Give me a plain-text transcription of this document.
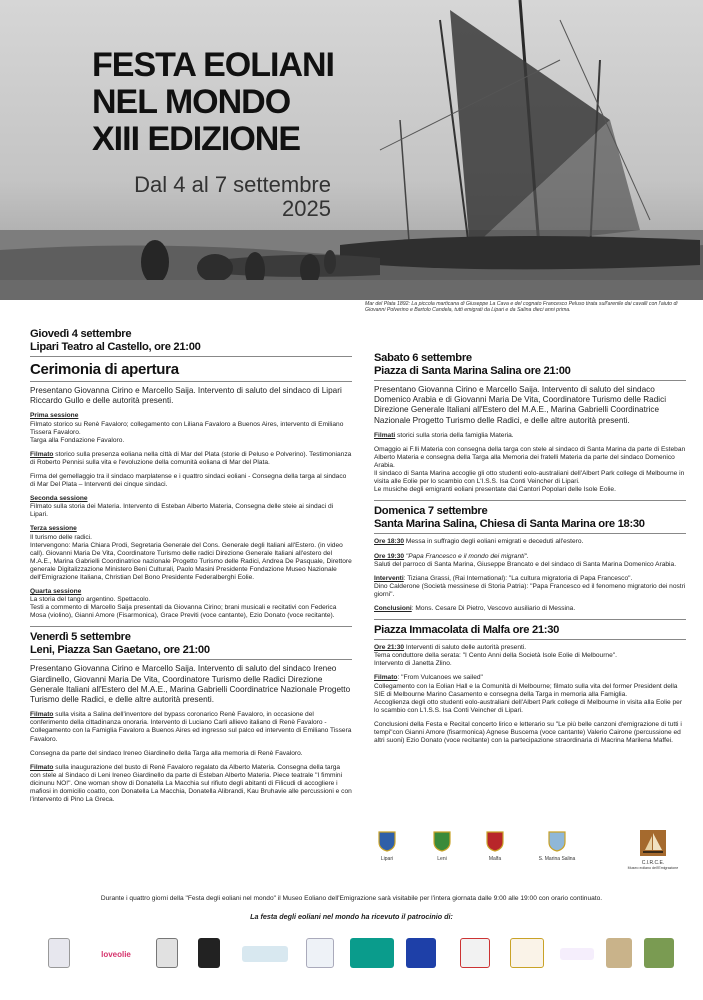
FESTA EOLIANI
NEL MONDO
XIII EDIZIONE
Dal 4 al 7 settembre
2025
Mar del Plata 1892: La piccola marticana di Giuseppe La Cava e del cognato Francesco Peluso tirata sull'arenile dai cavalli con l'aiuto di Giovanni Polverino e Bartolo Candela, tutti emigrati da Lipari e da Salina dieci anni prima.
Giovedì 4 settembre
Lipari Teatro al Castello, ore 21:00
Cerimonia di apertura
Presentano Giovanna Cirino e Marcello Saija. Intervento di saluto del sindaco di Lipari Riccardo Gullo e delle autorità presenti.
Prima sessione
Filmato storico su Renè Favaloro; collegamento con Liliana Favaloro a Buenos Aires, intervento di Emiliano Tissera Favaloro.
Targa alla Fondazione Favaloro.
Filmato storico sulla presenza eoliana nella città di Mar del Plata (storie di Peluso e Polverino). Testimonianza di Roberto Pennisi sulla vita e l'evoluzione della comunità eoliana di Mar del Plata.
Firma del gemellaggio tra il sindaco marplatense e i quattro sindaci eoliani - Consegna della targa al sindaco di Mar Del Plata – Interventi dei cinque sindaci.
Seconda sessione
Filmato sulla storia dei Materia. Intervento di Esteban Alberto Materia, Consegna delle steie ai sindaci di Lipari.
Terza sessione
Il turismo delle radici.
Intervengono: Maria Chiara Prodi, Segretaria Generale del Cons. Generale degli Italiani all'Estero. (in video call). Giovanni Maria De Vita, Coordinatore Turismo delle radici Direzione Generale Italiani all'estero del M.A.E., Marina Gabrielli Coordinatrice nazionale Progetto Turismo delle Radici, Andrea De Pasquale, Direttore generale Digitalizzazione Ministero Beni Culturali, Paolo Masini Presidente Fondazione Museo Nazionale dell'Emigrazione Italiana, Christian Del Bono Presidente Federalberghi Eolie.
Quarta sessione
La storia del tango argentino. Spettacolo.
Testi a commento di Marcello Saija presentati da Giovanna Cirino; brani musicali e recitativi con Federica Mosa (violino), Gianni Amore (Fisarmonica), Grace Previti (voce cantante), Ezio Donato (voce recitante).
Venerdì 5 settembre
Leni, Piazza San Gaetano, ore 21:00
Presentano Giovanna Cirino e Marcello Saija. Intervento di saluto del sindaco Ireneo Giardinello, Giovanni Maria De Vita, Coordinatore Turismo delle Radici Direzione Generale Italiani all'Estero del M.A.E., Marina Gabrielli Coordinatrice Nazionale Progetto Turismo delle Radici, e delle altre autorità presenti.
Filmato sulla visita a Salina dell'inventore del bypass coronarico Renè Favaloro, in occasione del conferimento della cittadinanza onoraria. Intervento di Luciano Carli allievo italiano di Renè Favaloro - Collegamento con la Famiglia Favaloro a Buenos Aires ed ingresso sul palco ed intervento di Emiliano Tissera Favaloro.
Consegna da parte del sindaco Ireneo Giardinello della Targa alla memoria di Renè Favaloro.
Filmato sulla inaugurazione del busto di Renè Favaloro regalato da Alberto Materia. Consegna della targa con stele al Sindaco di Leni Ireneo Giardinello da parte di Esteban Alberto Materia. Piece teatrale "I fimmini dicinunu NO!". One woman show di Donatella La Macchia sul rifiuto degli abitanti di Filicudi di accogliere i mafiosi in domicilio coatto, con Donatella La Macchia, Donatella Alibrandi, Kau Bruhavie alle percussioni e con l'intervento di Pino La Greca.
Sabato 6 settembre
Piazza di Santa Marina Salina ore 21:00
Presentano Giovanna Cirino e Marcello Saija. Intervento di saluto del sindaco Domenico Arabia e di Giovanni Maria De Vita, Coordinatore Turismo delle Radici Direzione Generale Italiani all'Estero del M.A.E., Marina Gabrielli Coordinatrice Nazionale Progetto Turismo delle Radici, e delle altre autorità presenti.
Filmati storici sulla storia della famiglia Materia.
Omaggio ai F.lli Materia con consegna della targa con stele al sindaco di Santa Marina da parte di Esteban Alberto Materia e consegna della Targa alla Memoria dei fratelli Materia da parte del sindaco Domenico Arabia.
Il sindaco di Santa Marina accoglie gli otto studenti eolo-australiani dell'Albert Park college di Melbourne in visita alle Eolie per lo scambio con L'I.S.S. Isa Conti Veincher di Lipari.
Le musiche degli emigranti eoliani presentate dai Cantori Popolari delle Isole Eolie.
Domenica 7 settembre
Santa Marina Salina, Chiesa di Santa Marina ore 18:30
Ore 18:30 Messa in suffragio degli eoliani emigrati e deceduti all'estero.
Ore 19:30 "Papa Francesco e il mondo dei migranti".
Saluti del parroco di Santa Marina, Giuseppe Brancato e del sindaco di Santa Marina Domenico Arabia.
Interventi: Tiziana Grassi, (Rai International): "La cultura migratoria di Papa Francesco".
Dino Calderone (Società messinese di Storia Patria): "Papa Francesco ed il fenomeno migratorio dei nostri giorni".
Conclusioni: Mons. Cesare Di Pietro, Vescovo ausiliario di Messina.
Piazza Immacolata di Malfa ore 21:30
Ore 21:30 Interventi di saluto delle autorità presenti.
Tema conduttore della serata: "I Cento Anni della Società Isole Eolie di Melbourne".
Intervento di Janetta Zlino.
Filmato: "From Vulcanoes we sailed"
Collegamento con la Eolian Hall e la Comunità di Melbourne; filmato sulla vita del former President della SIE di Melbourne Marino Casamento e consegna della Targa in memoria alla Famiglia.
Accoglienza degli otto studenti eolo-australiani dell'Albert Park college di Melbourne in visita alla Eolie per lo scambio con L'I.S.S. Isa Conti Veincher di Lipari.
Conclusioni della Festa e Recital concerto lirico e letterario su "Le più belle canzoni d'emigrazione di tutti i tempi"con Gianni Amore (fisarmonica) Agnese Buscema (voce cantante) Valerio Cairone (percussione ed altri suoni) Ezio Donato (voce recitante) con la partecipazione straordinaria di Macrina Marilena Maffei.
Lipari	Leni	Malfa	S. Marina Salina
C.I.R.C.E.
Museo eoliano dell'Emigrazione
Durante i quattro giorni della "Festa degli eoliani nel mondo" il Museo Eoliano dell'Emigrazione sarà visitabile per l'intera giornata dalle 9:00 alle 19:00 con orario continuato.
La festa degli eoliani nel mondo ha ricevuto il patrocinio di:
loveolie
